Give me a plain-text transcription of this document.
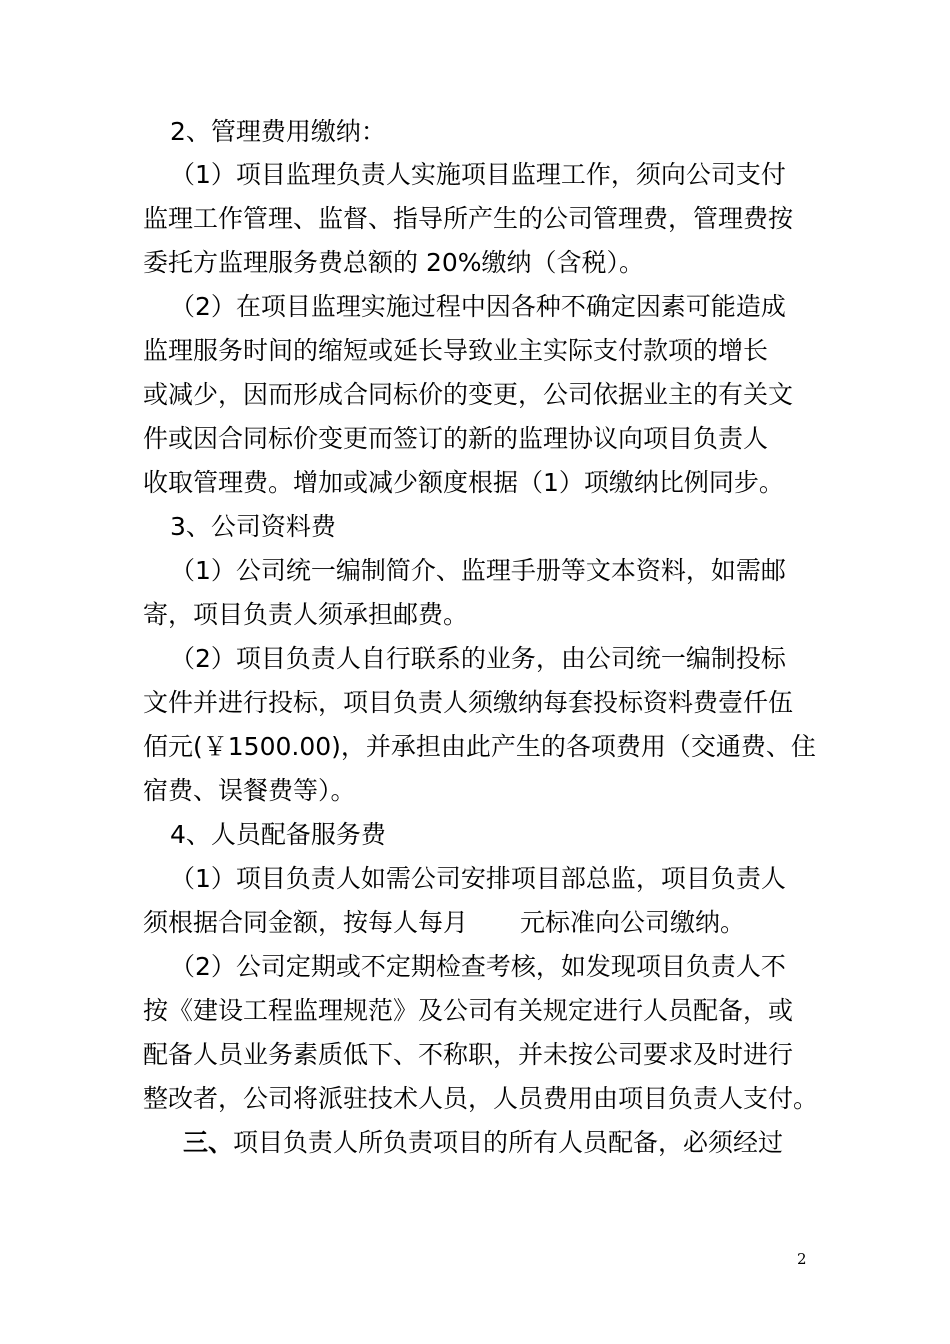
2、管理费用缴纳：
（1）项目监理负责人实施项目监理工作，须向公司支付
监理工作管理、监督、指导所产生的公司管理费，管理费按
委托方监理服务费总额的 20%缴纳（含税）。
（2）在项目监理实施过程中因各种不确定因素可能造成
监理服务时间的缩短或延长导致业主实际支付款项的增长
或减少，因而形成合同标价的变更，公司依据业主的有关文
件或因合同标价变更而签订的新的监理协议向项目负责人
收取管理费。增加或减少额度根据（1）项缴纳比例同步。
3、公司资料费
（1）公司统一编制简介、监理手册等文本资料，如需邮
寄，项目负责人须承担邮费。
（2）项目负责人自行联系的业务，由公司统一编制投标
文件并进行投标，项目负责人须缴纳每套投标资料费壹仟伍
佰元(￥1500.00)，并承担由此产生的各项费用（交通费、住
宿费、误餐费等）。
4、人员配备服务费
（1）项目负责人如需公司安排项目部总监，项目负责人
须根据合同金额，按每人每月 元标准向公司缴纳。
（2）公司定期或不定期检查考核，如发现项目负责人不
按《建设工程监理规范》及公司有关规定进行人员配备，或
配备人员业务素质低下、不称职，并未按公司要求及时进行
整改者，公司将派驻技术人员，人员费用由项目负责人支付。
三、项目负责人所负责项目的所有人员配备，必须经过
2
